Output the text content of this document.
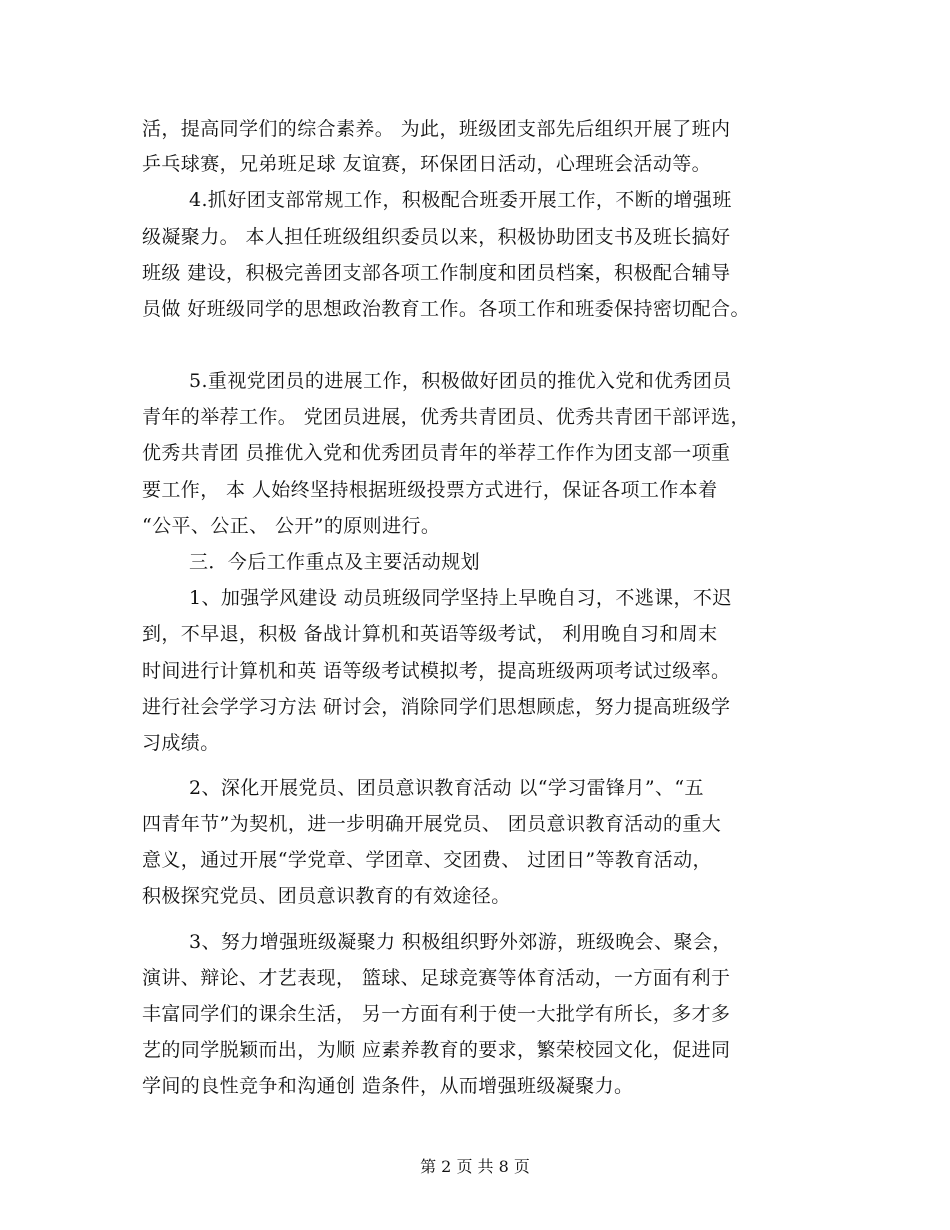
活，提高同学们的综合素养。 为此，班级团支部先后组织开展了班内
乒乓球赛，兄弟班足球 友谊赛，环保团日活动，心理班会活动等。
4.抓好团支部常规工作，积极配合班委开展工作，不断的增强班
级凝聚力。 本人担任班级组织委员以来，积极协助团支书及班长搞好
班级 建设，积极完善团支部各项工作制度和团员档案，积极配合辅导
员做 好班级同学的思想政治教育工作。各项工作和班委保持密切配合。
5.重视党团员的进展工作，积极做好团员的推优入党和优秀团员
青年的举荐工作。 党团员进展，优秀共青团员、优秀共青团干部评选，
优秀共青团 员推优入党和优秀团员青年的举荐工作作为团支部一项重
要工作， 本 人始终坚持根据班级投票方式进行，保证各项工作本着
“公平、公正、 公开”的原则进行。
三．今后工作重点及主要活动规划
1、加强学风建设 动员班级同学坚持上早晚自习，不逃课，不迟
到，不早退，积极 备战计算机和英语等级考试， 利用晚自习和周末
时间进行计算机和英 语等级考试模拟考，提高班级两项考试过级率。
进行社会学学习方法 研讨会，消除同学们思想顾虑，努力提高班级学
习成绩。
2、深化开展党员、团员意识教育活动 以“学习雷锋月”、“五
四青年节”为契机，进一步明确开展党员、 团员意识教育活动的重大
意义，通过开展“学党章、学团章、交团费、 过团日”等教育活动，
积极探究党员、团员意识教育的有效途径。
3、努力增强班级凝聚力 积极组织野外郊游，班级晚会、聚会，
演讲、辩论、才艺表现， 篮球、足球竞赛等体育活动，一方面有利于
丰富同学们的课余生活， 另一方面有利于使一大批学有所长，多才多
艺的同学脱颖而出，为顺 应素养教育的要求，繁荣校园文化，促进同
学间的良性竞争和沟通创 造条件，从而增强班级凝聚力。
第 2 页 共 8 页
